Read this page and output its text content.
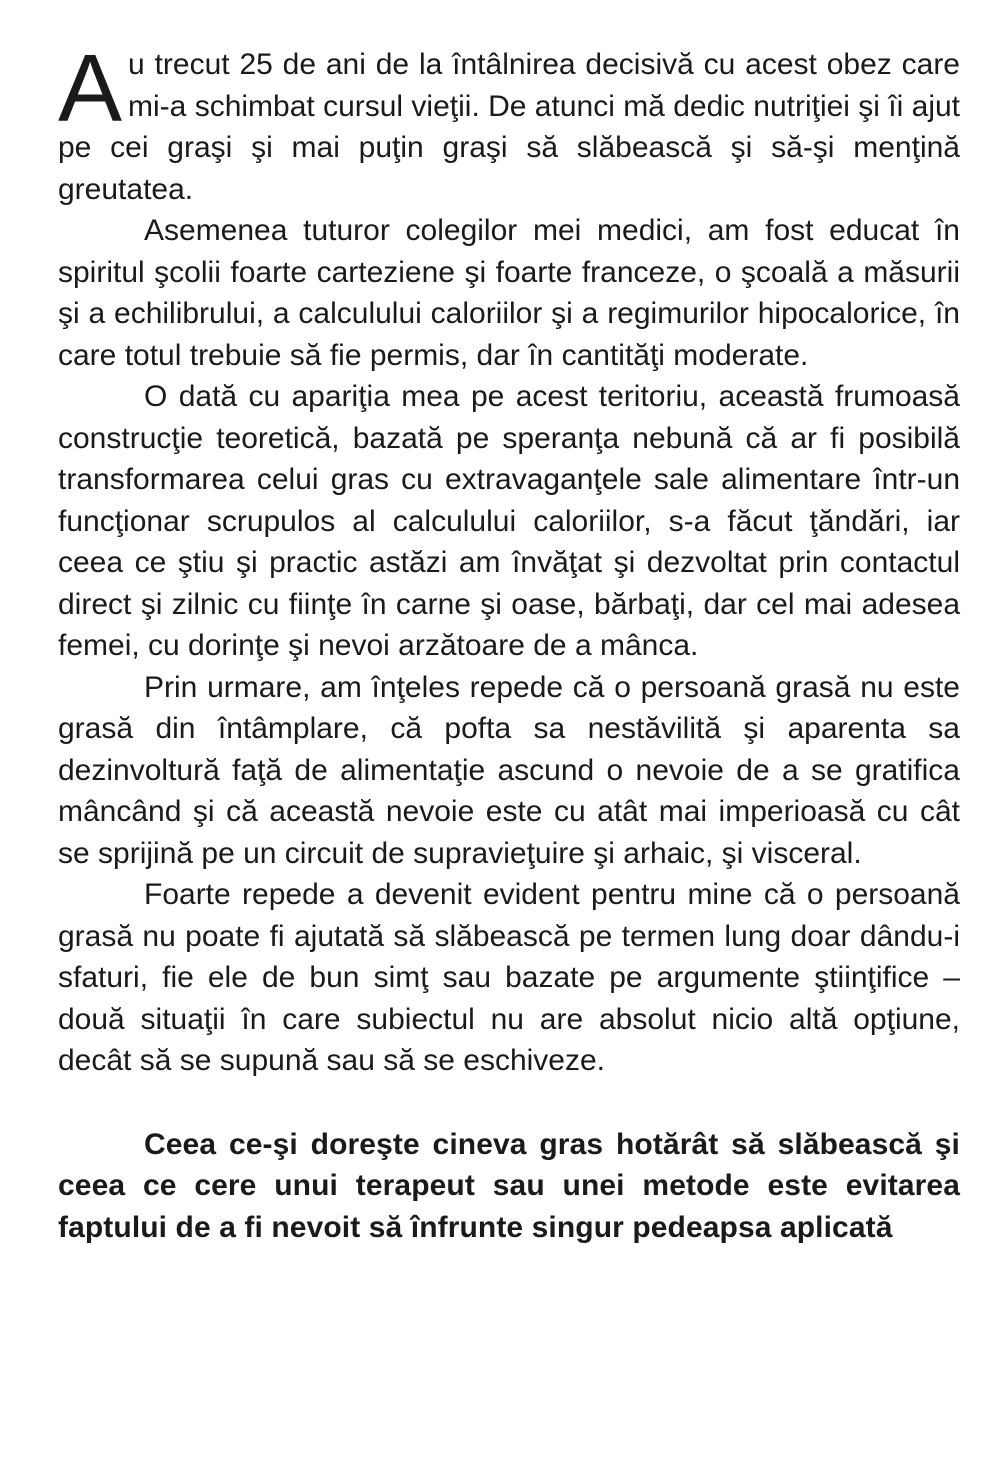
Au trecut 25 de ani de la întâlnirea decisivă cu acest obez care mi-a schimbat cursul vieţii. De atunci mă dedic nutriţiei şi îi ajut pe cei graşi şi mai puţin graşi să slăbească şi să-şi menţină greutatea.

Asemenea tuturor colegilor mei medici, am fost educat în spiritul şcolii foarte carteziene şi foarte franceze, o şcoală a măsurii şi a echilibrului, a calculului caloriilor şi a regimurilor hipocalorice, în care totul trebuie să fie permis, dar în cantităţi moderate.

O dată cu apariţia mea pe acest teritoriu, această frumoasă construcţie teoretică, bazată pe speranţa nebună că ar fi posibilă transformarea celui gras cu extravaganţele sale alimentare într-un funcţionar scrupulos al calculului caloriilor, s-a făcut ţăndări, iar ceea ce ştiu şi practic astăzi am învăţat şi dezvoltat prin contactul direct şi zilnic cu fiinţe în carne şi oase, bărbaţi, dar cel mai adesea femei, cu dorinţe şi nevoi arzătoare de a mânca.

Prin urmare, am înţeles repede că o persoană grasă nu este grasă din întâmplare, că pofta sa nestăvilită şi aparenta sa dezinvoltură faţă de alimentaţie ascund o nevoie de a se gratifica mâncând şi că această nevoie este cu atât mai imperioasă cu cât se sprijină pe un circuit de supravieţuire şi arhaic, şi visceral.

Foarte repede a devenit evident pentru mine că o persoană grasă nu poate fi ajutată să slăbească pe termen lung doar dându-i sfaturi, fie ele de bun simţ sau bazate pe argumente ştiinţifice – două situaţii în care subiectul nu are absolut nicio altă opţiune, decât să se supună sau să se eschiveze.

Ceea ce-şi doreşte cineva gras hotărât să slăbească şi ceea ce cere unui terapeut sau unei metode este evitarea faptului de a fi nevoit să înfrunte singur pedeapsa aplicată
